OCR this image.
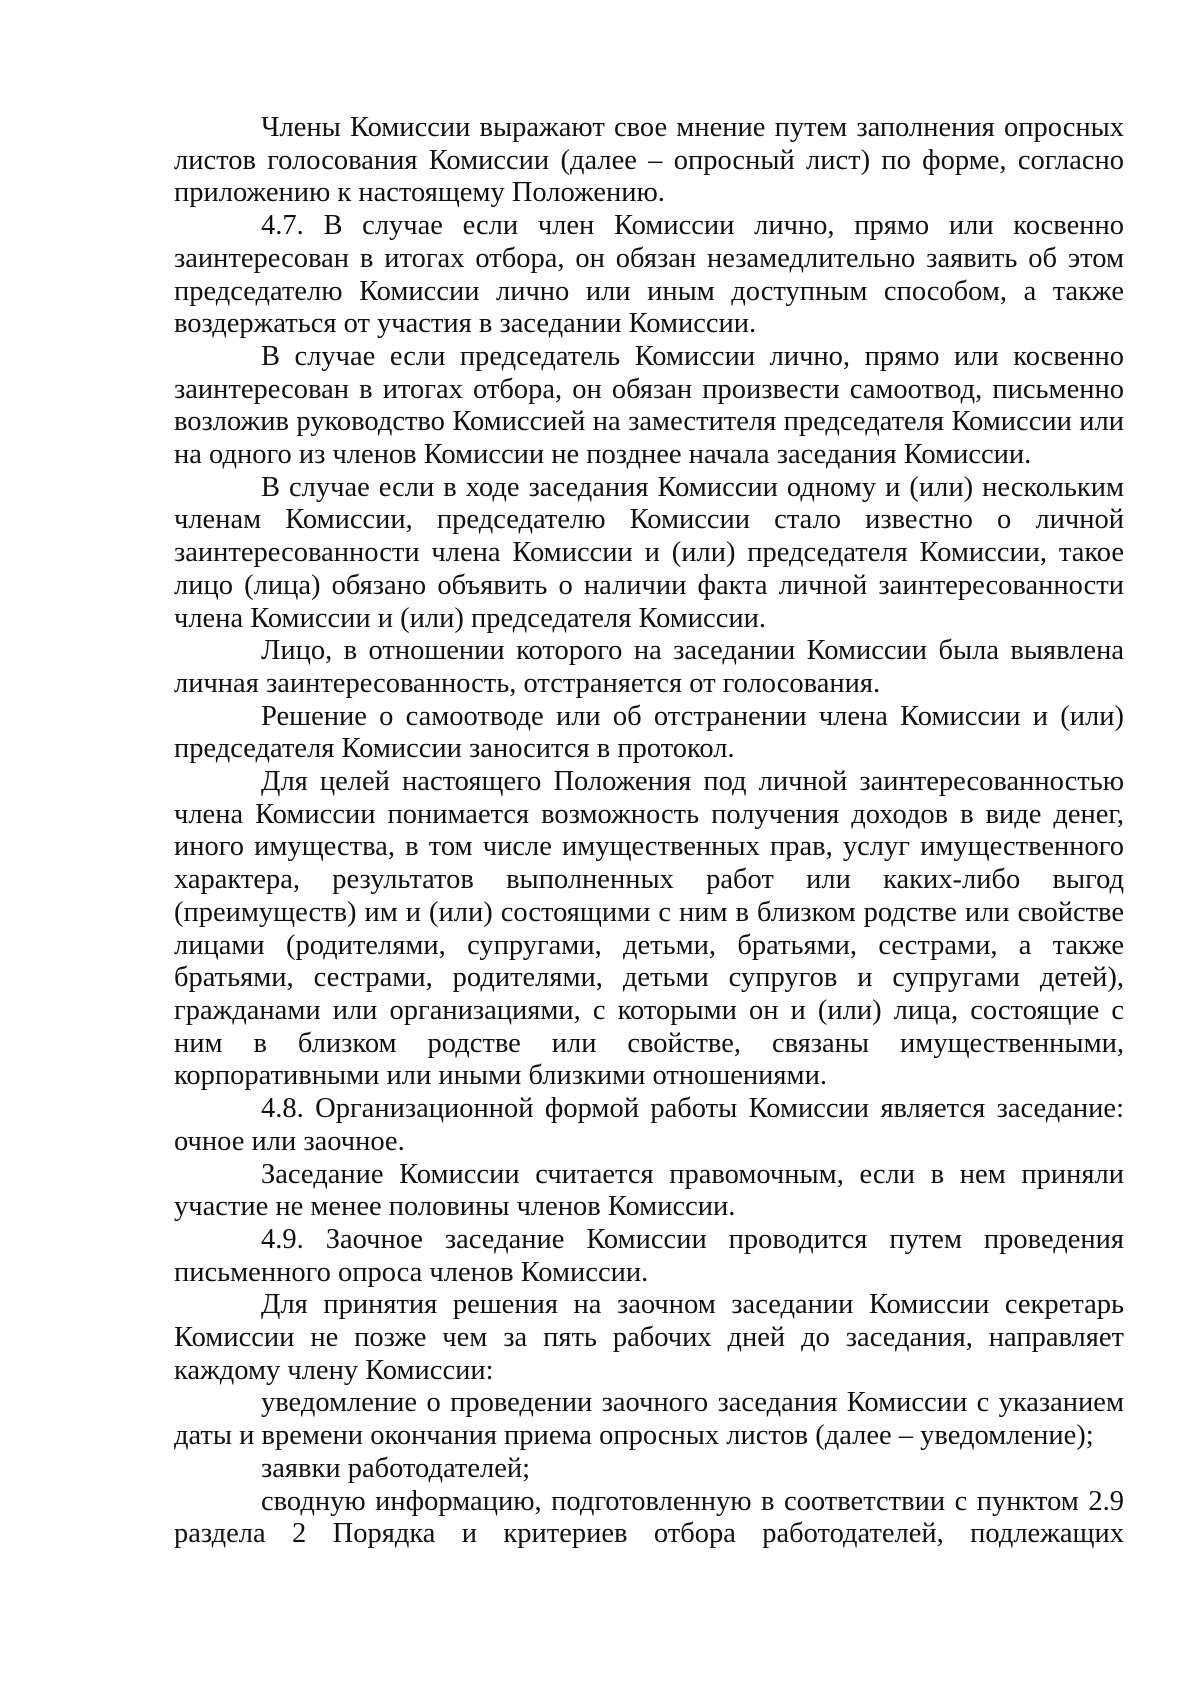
Члены Комиссии выражают свое мнение путем заполнения опросных листов голосования Комиссии (далее – опросный лист) по форме, согласно приложению к настоящему Положению.

4.7. В случае если член Комиссии лично, прямо или косвенно заинтересован в итогах отбора, он обязан незамедлительно заявить об этом председателю Комиссии лично или иным доступным способом, а также воздержаться от участия в заседании Комиссии.

В случае если председатель Комиссии лично, прямо или косвенно заинтересован в итогах отбора, он обязан произвести самоотвод, письменно возложив руководство Комиссией на заместителя председателя Комиссии или на одного из членов Комиссии не позднее начала заседания Комиссии.

В случае если в ходе заседания Комиссии одному и (или) нескольким членам Комиссии, председателю Комиссии стало известно о личной заинтересованности члена Комиссии и (или) председателя Комиссии, такое лицо (лица) обязано объявить о наличии факта личной заинтересованности члена Комиссии и (или) председателя Комиссии.

Лицо, в отношении которого на заседании Комиссии была выявлена личная заинтересованность, отстраняется от голосования.

Решение о самоотводе или об отстранении члена Комиссии и (или) председателя Комиссии заносится в протокол.

Для целей настоящего Положения под личной заинтересованностью члена Комиссии понимается возможность получения доходов в виде денег, иного имущества, в том числе имущественных прав, услуг имущественного характера, результатов выполненных работ или каких-либо выгод (преимуществ) им и (или) состоящими с ним в близком родстве или свойстве лицами (родителями, супругами, детьми, братьями, сестрами, а также братьями, сестрами, родителями, детьми супругов и супругами детей), гражданами или организациями, с которыми он и (или) лица, состоящие с ним в близком родстве или свойстве, связаны имущественными, корпоративными или иными близкими отношениями.

4.8. Организационной формой работы Комиссии является заседание: очное или заочное.

Заседание Комиссии считается правомочным, если в нем приняли участие не менее половины членов Комиссии.

4.9. Заочное заседание Комиссии проводится путем проведения письменного опроса членов Комиссии.

Для принятия решения на заочном заседании Комиссии секретарь Комиссии не позже чем за пять рабочих дней до заседания, направляет каждому члену Комиссии:

уведомление о проведении заочного заседания Комиссии с указанием даты и времени окончания приема опросных листов (далее – уведомление);

заявки работодателей;

сводную информацию, подготовленную в соответствии с пунктом 2.9 раздела 2 Порядка и критериев отбора работодателей, подлежащих
